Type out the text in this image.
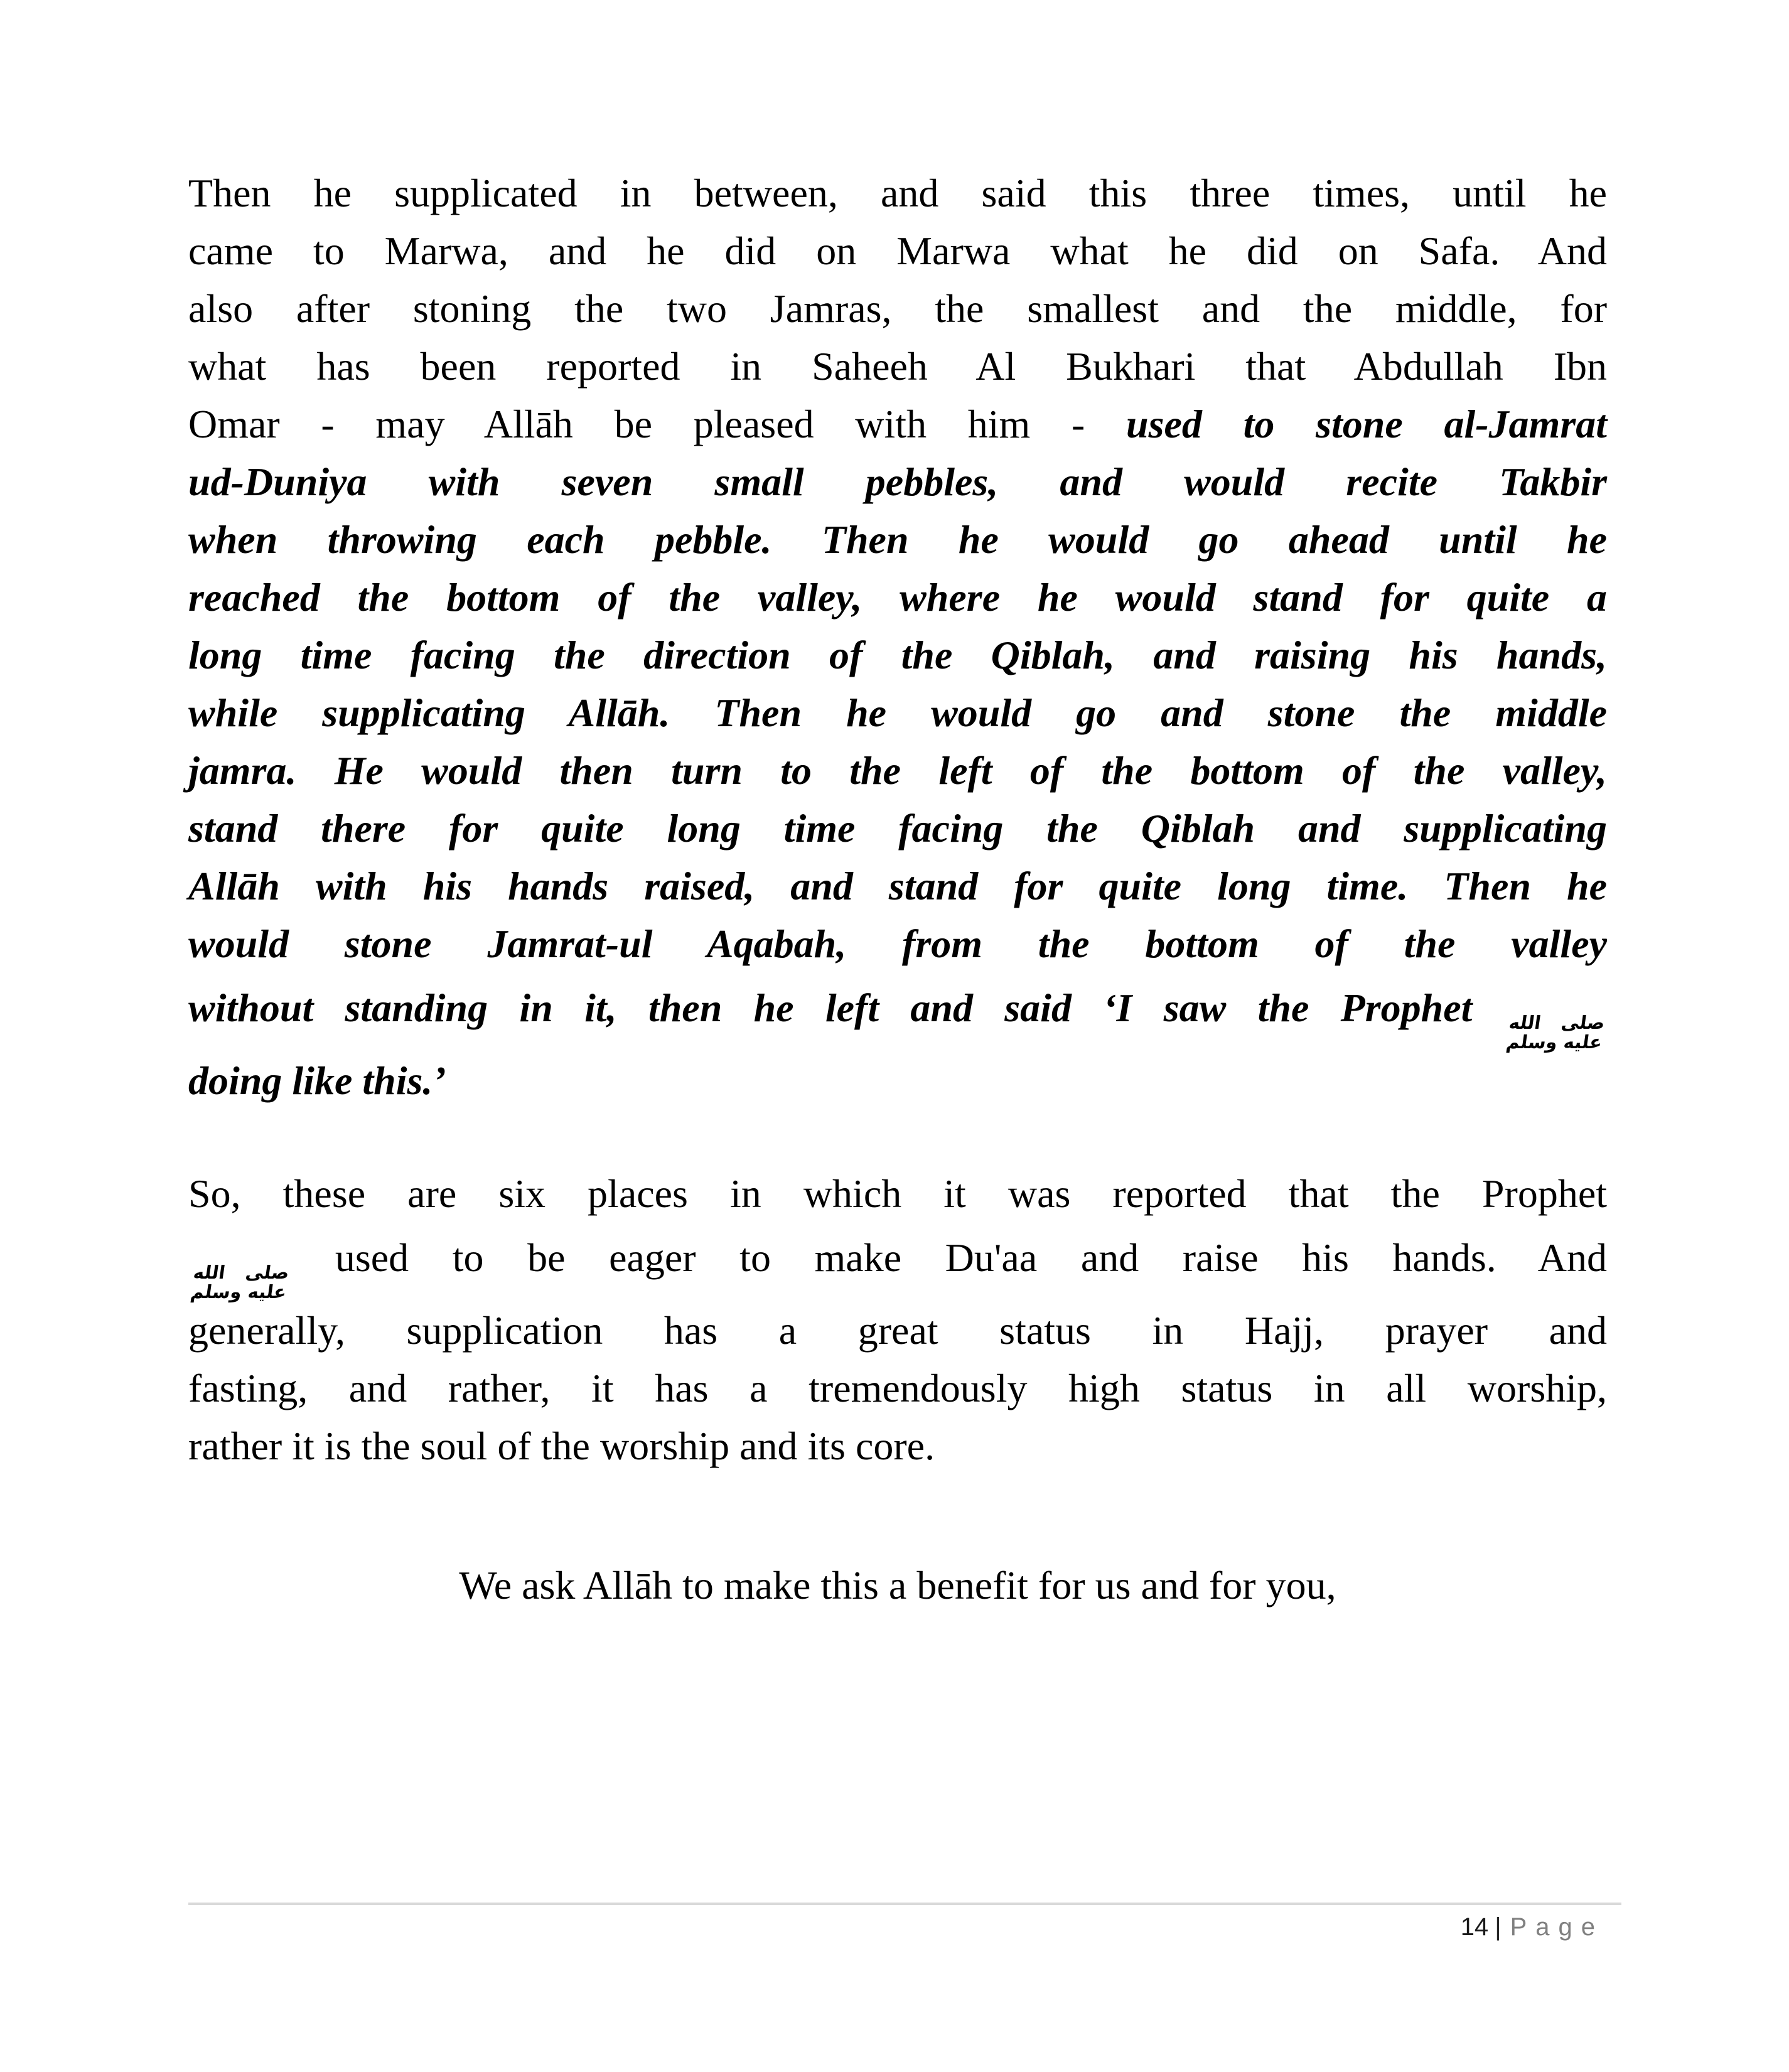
Then he supplicated in between, and said this three times, until he
came to Marwa, and he did on Marwa what he did on Safa. And
also after stoning the two Jamras, the smallest and the middle, for
what has been reported in Saheeh Al Bukhari that Abdullah Ibn
Omar - may Allāh be pleased with him - used to stone al-Jamrat
ud-Duniya with seven small pebbles, and would recite Takbir
when throwing each pebble. Then he would go ahead until he
reached the bottom of the valley, where he would stand for quite a
long time facing the direction of the Qiblah, and raising his hands,
while supplicating Allāh. Then he would go and stone the middle
jamra. He would then turn to the left of the bottom of the valley,
stand there for quite long time facing the Qiblah and supplicating
Allāh with his hands raised, and stand for quite long time. Then he
would stone Jamrat-ul Aqabah, from the bottom of the valley
without standing in it, then he left and said ‘I saw the Prophet صلى الله
عليه وسلم
doing like this.’
So, these are six places in which it was reported that the Prophet
صلى الله
عليه وسلم
used to be eager to make Du'aa and raise his hands. And
generally, supplication has a great status in Hajj, prayer and
fasting, and rather, it has a tremendously high status in all worship,
rather it is the soul of the worship and its core.
We ask Allāh to make this a benefit for us and for you,
14 | Page
